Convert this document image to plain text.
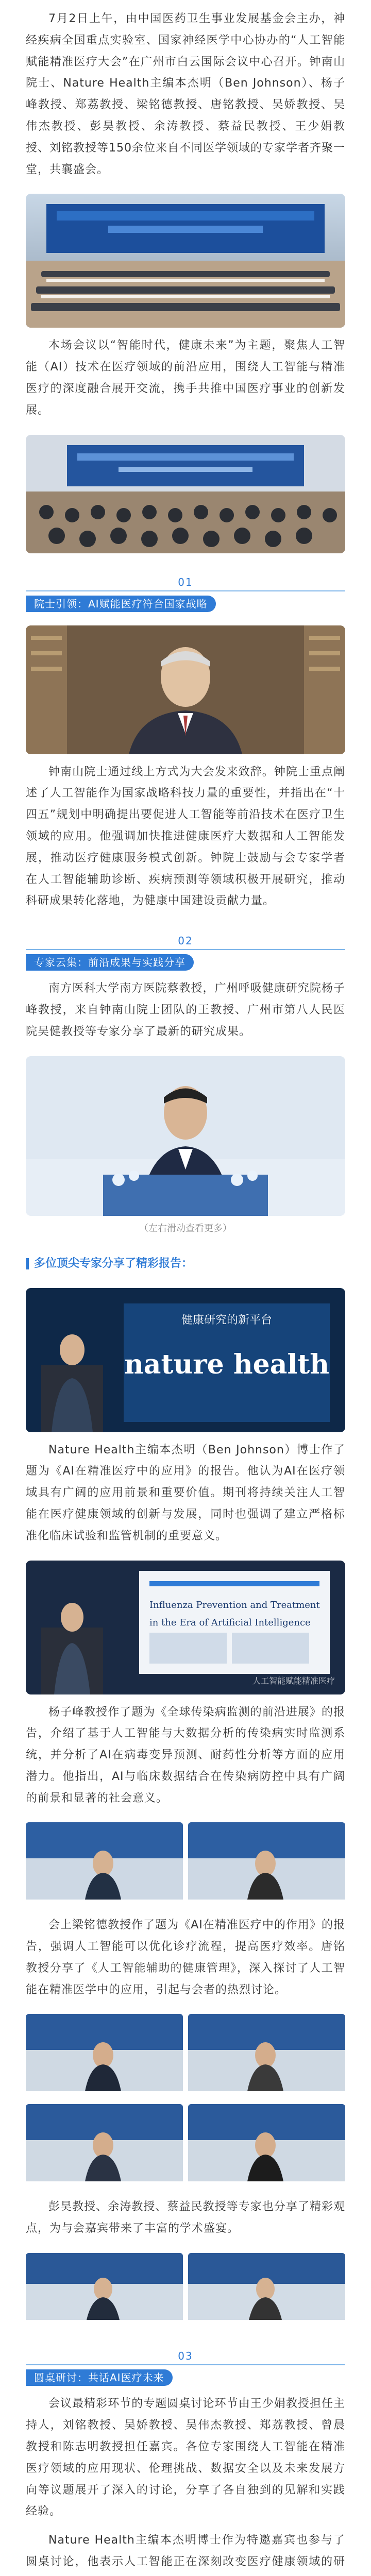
7月2日上午，由中国医药卫生事业发展基金会主办，神经疾病全国重点实验室、国家神经医学中心协办的“人工智能赋能精准医疗大会”在广州市白云国际会议中心召开。钟南山院士、Nature Health主编本杰明（Ben Johnson）、杨子峰教授、郑荔教授、梁铭德教授、唐铭教授、吴娇教授、吴伟杰教授、彭昊教授、余涛教授、蔡益民教授、王少娟教授、刘铭教授等150余位来自不同医学领域的专家学者齐聚一堂，共襄盛会。

本场会议以“智能时代，健康未来”为主题，聚焦人工智能（AI）技术在医疗领域的前沿应用，围绕人工智能与精准医疗的深度融合展开交流，携手共推中国医疗事业的创新发展。

01
院士引领：AI赋能医疗符合国家战略

钟南山院士通过线上方式为大会发来致辞。钟院士重点阐述了人工智能作为国家战略科技力量的重要性，并指出在“十四五”规划中明确提出要促进人工智能等前沿技术在医疗卫生领域的应用。他强调加快推进健康医疗大数据和人工智能发展，推动医疗健康服务模式创新。钟院士鼓励与会专家学者在人工智能辅助诊断、疾病预测等领域积极开展研究，推动科研成果转化落地，为健康中国建设贡献力量。

02
专家云集：前沿成果与实践分享

南方医科大学南方医院蔡教授，广州呼吸健康研究院杨子峰教授，来自钟南山院士团队的王教授、广州市第八人民医院吴健教授等专家分享了最新的研究成果。

（左右滑动查看更多）
多位顶尖专家分享了精彩报告：
健康研究的新平台
nature health

Nature Health主编本杰明（Ben Johnson）博士作了题为《AI在精准医疗中的应用》的报告。他认为AI在医疗领域具有广阔的应用前景和重要价值。期刊将持续关注人工智能在医疗健康领域的创新与发展，同时也强调了建立严格标准化临床试验和监管机制的重要意义。

Influenza Prevention and Treatment in the Era of Artificial Intelligence
人工智能赋能精准医疗

杨子峰教授作了题为《全球传染病监测的前沿进展》的报告，介绍了基于人工智能与大数据分析的传染病实时监测系统，并分析了AI在病毒变异预测、耐药性分析等方面的应用潜力。他指出，AI与临床数据结合在传染病防控中具有广阔的前景和显著的社会意义。

会上梁铭德教授作了题为《AI在精准医疗中的作用》的报告，强调人工智能可以优化诊疗流程，提高医疗效率。唐铭教授分享了《人工智能辅助的健康管理》，深入探讨了人工智能在精准医学中的应用，引起与会者的热烈讨论。

彭昊教授、余涛教授、蔡益民教授等专家也分享了精彩观点，为与会嘉宾带来了丰富的学术盛宴。

03
圆桌研讨：共话AI医疗未来

会议最精彩环节的专题圆桌讨论环节由王少娟教授担任主持人，刘铭教授、吴娇教授、吴伟杰教授、郑荔教授、曾晨教授和陈志明教授担任嘉宾。各位专家围绕人工智能在精准医疗领域的应用现状、伦理挑战、数据安全以及未来发展方向等议题展开了深入的讨论，分享了各自独到的见解和实践经验。

Nature Health主编本杰明博士作为特邀嘉宾也参与了圆桌讨论，他表示人工智能正在深刻改变医疗健康领域的研
